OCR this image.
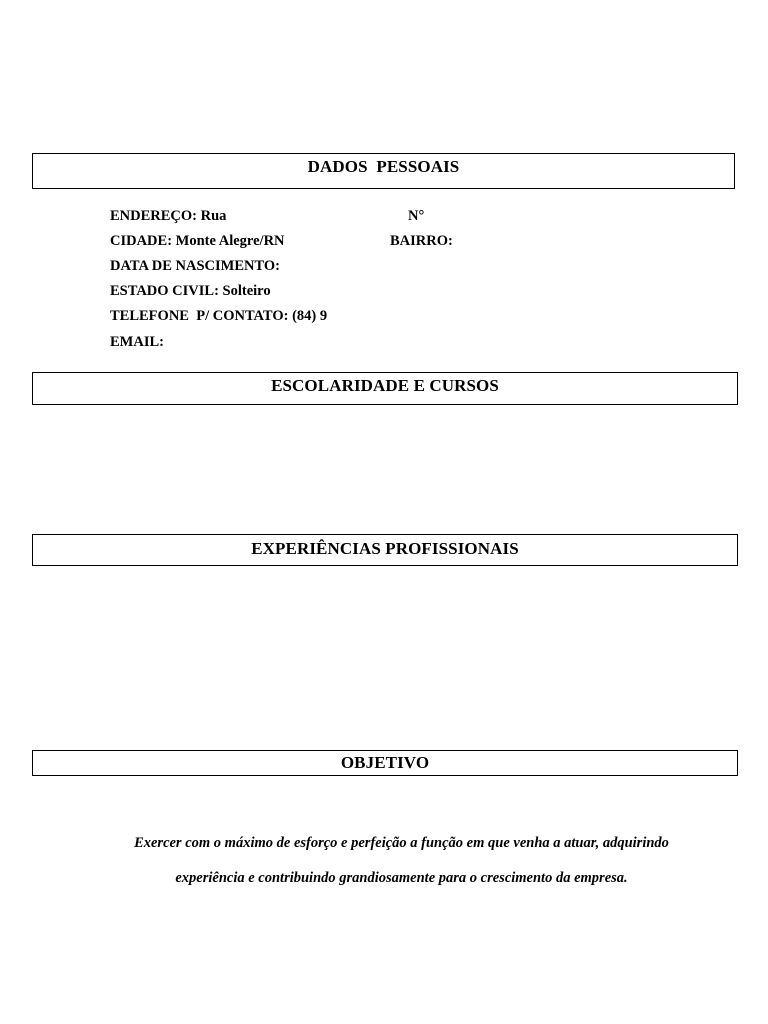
DADOS  PESSOAIS
ENDEREÇO: Rua	N°
CIDADE: Monte Alegre/RN	BAIRRO:
DATA DE NASCIMENTO:
ESTADO CIVIL: Solteiro
TELEFONE  P/ CONTATO: (84) 9
EMAIL:
ESCOLARIDADE E CURSOS
EXPERIÊNCIAS PROFISSIONAIS
OBJETIVO
Exercer com o máximo de esforço e perfeição a função em que venha a atuar, adquirindo
experiência e contribuindo grandiosamente para o crescimento da empresa.
